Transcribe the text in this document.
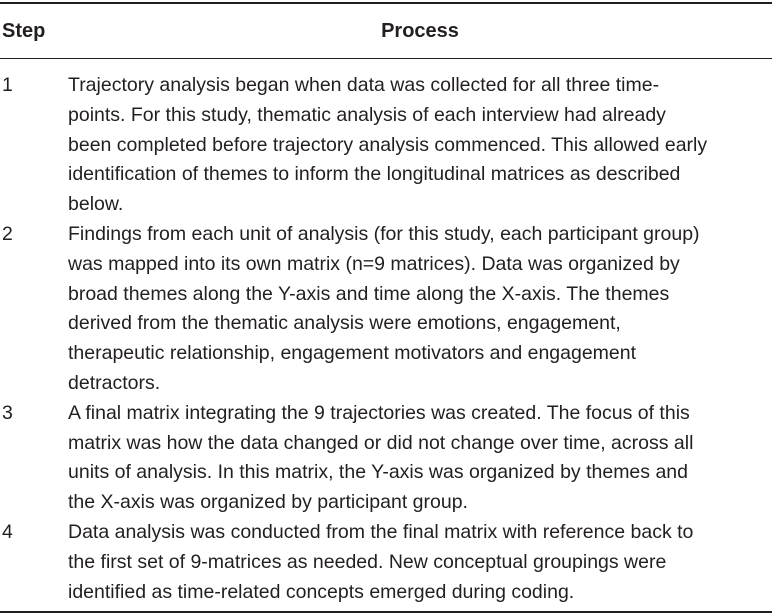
Step	Process
1	Trajectory analysis began when data was collected for all three time-
points. For this study, thematic analysis of each interview had already
been completed before trajectory analysis commenced. This allowed early
identification of themes to inform the longitudinal matrices as described
below.
2	Findings from each unit of analysis (for this study, each participant group)
was mapped into its own matrix (n=9 matrices). Data was organized by
broad themes along the Y-axis and time along the X-axis. The themes
derived from the thematic analysis were emotions, engagement,
therapeutic relationship, engagement motivators and engagement
detractors.
3	A final matrix integrating the 9 trajectories was created. The focus of this
matrix was how the data changed or did not change over time, across all
units of analysis. In this matrix, the Y-axis was organized by themes and
the X-axis was organized by participant group.
4	Data analysis was conducted from the final matrix with reference back to
the first set of 9-matrices as needed. New conceptual groupings were
identified as time-related concepts emerged during coding.
